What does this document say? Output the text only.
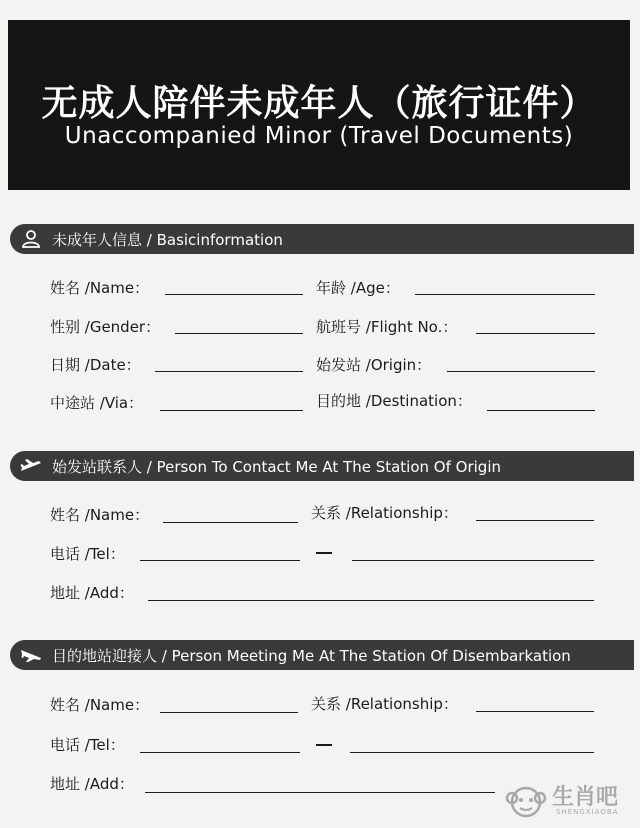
无成人陪伴未成年人（旅行证件）
Unaccompanied Minor (Travel Documents)
未成年人信息 / Basicinformation
姓名 /Name：	年龄 /Age：
性别 /Gender：	航班号 /Flight No.：
日期 /Date：	始发站 /Origin：
中途站 /Via：	目的地 /Destination：
始发站联系人 / Person To Contact Me At The Station Of Origin
姓名 /Name：	关系 /Relationship：
电话 /Tel：
地址 /Add：
目的地站迎接人 / Person Meeting Me At The Station Of Disembarkation
姓名 /Name：	关系 /Relationship：
电话 /Tel：
地址 /Add：
生肖吧
SHENGXIAOBA
